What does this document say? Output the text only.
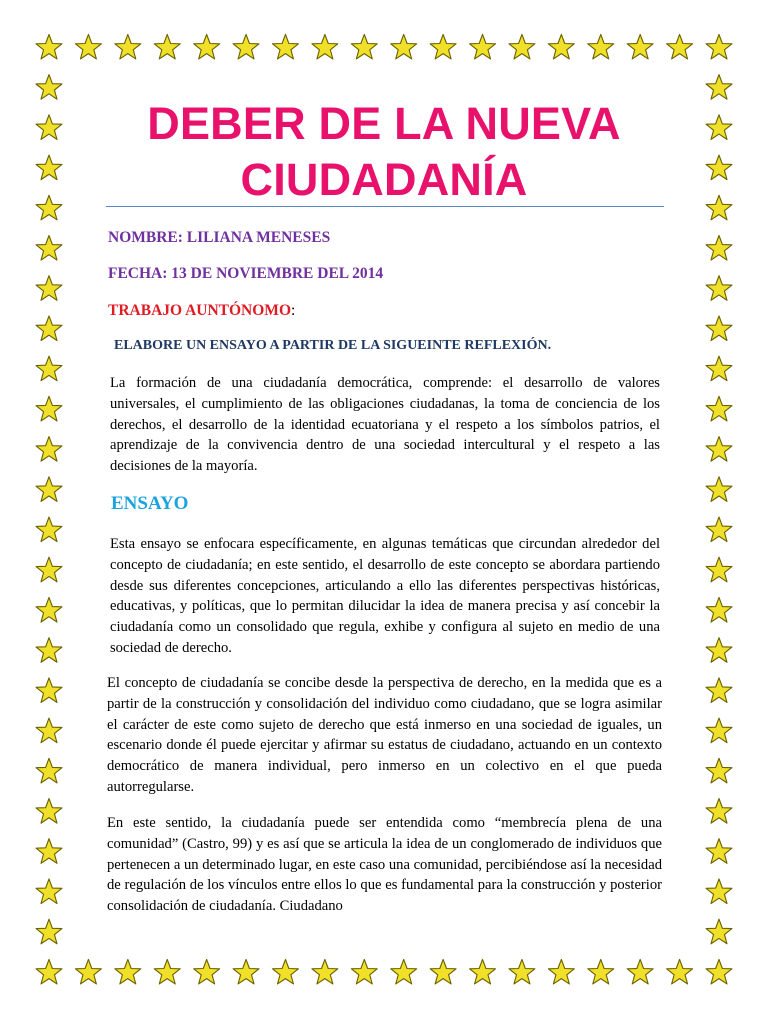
DEBER DE LA NUEVA
CIUDADANÍA
NOMBRE: LILIANA MENESES
FECHA: 13 DE NOVIEMBRE DEL 2014
TRABAJO AUNTÓNOMO:
ELABORE UN ENSAYO A PARTIR DE LA SIGUEINTE REFLEXIÓN.

La formación de una ciudadanía democrática, comprende: el desarrollo de valores universales, el cumplimiento de las obligaciones ciudadanas, la toma de conciencia de los derechos, el desarrollo de la identidad ecuatoriana y el respeto a los símbolos patrios, el aprendizaje de la convivencia dentro de una sociedad intercultural y el respeto a las decisiones de la mayoría.

ENSAYO

Esta ensayo se enfocara específicamente, en algunas temáticas que circundan alrededor del concepto de ciudadanía; en este sentido, el desarrollo de este concepto se abordara partiendo desde sus diferentes concepciones, articulando a ello las diferentes perspectivas históricas, educativas, y políticas, que lo permitan dilucidar la idea de manera precisa y así concebir la ciudadanía como un consolidado que regula, exhibe y configura al sujeto en medio de una sociedad de derecho.

El concepto de ciudadanía se concibe desde la perspectiva de derecho, en la medida que es a partir de la construcción y consolidación del individuo como ciudadano, que se logra asimilar el carácter de este como sujeto de derecho que está inmerso en una sociedad de iguales, un escenario donde él puede ejercitar y afirmar su estatus de ciudadano, actuando en un contexto democrático de manera individual, pero inmerso en un colectivo en el que pueda autorregularse.

En este sentido, la ciudadanía puede ser entendida como “membrecía plena de una comunidad” (Castro, 99) y es así que se articula la idea de un conglomerado de individuos que pertenecen a un determinado lugar, en este caso una comunidad, percibiéndose así la necesidad de regulación de los vínculos entre ellos lo que es fundamental para la construcción y posterior consolidación de ciudadanía. Ciudadano
